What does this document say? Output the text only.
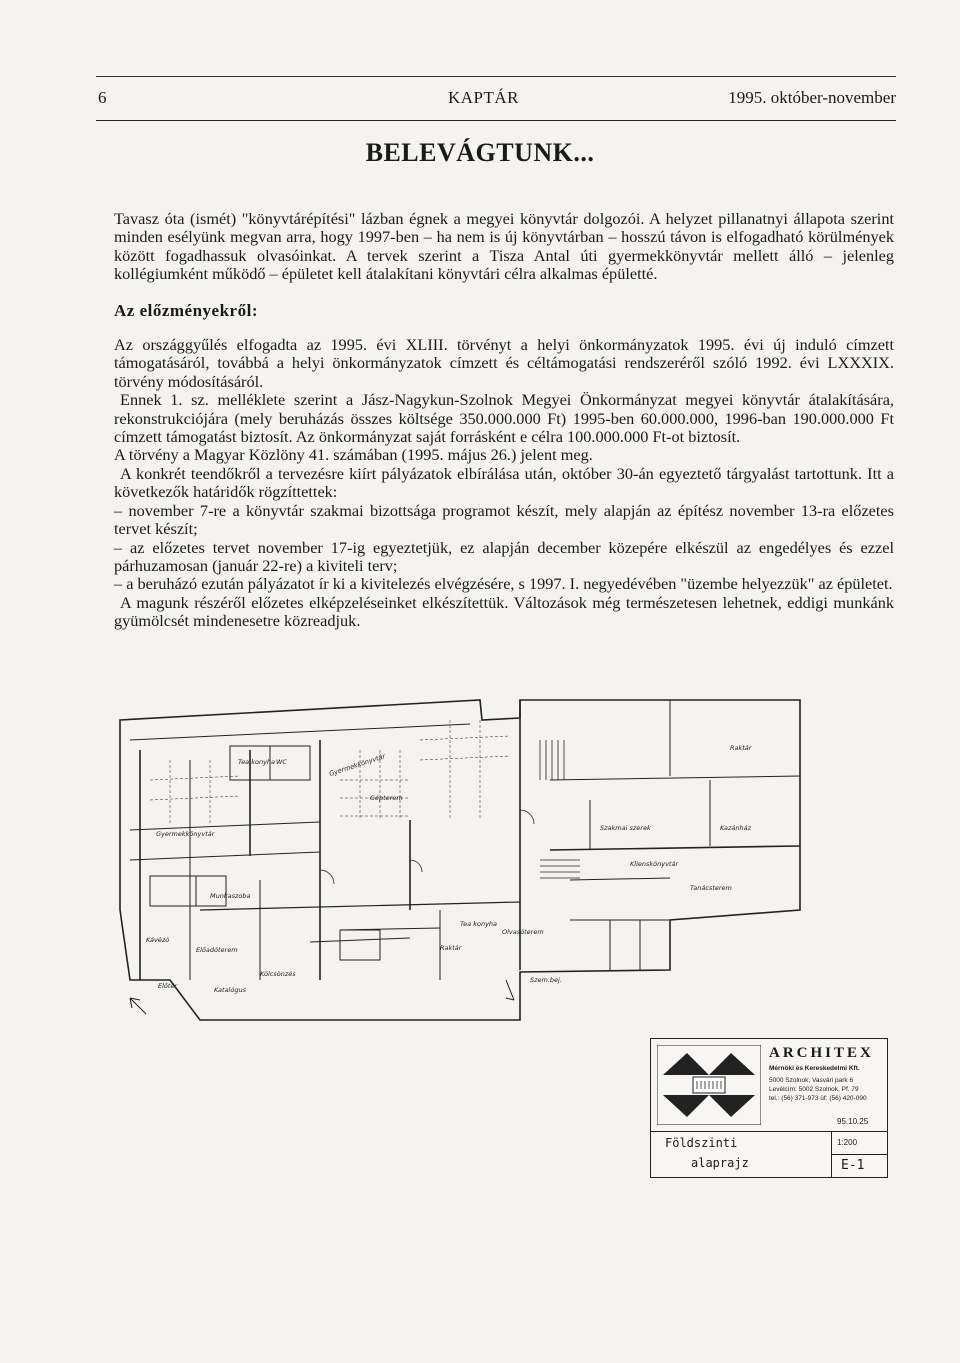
6	KAPTÁR	1995. október-november
BELEVÁGTUNK...

Tavasz óta (ismét) "könyvtárépítési" lázban égnek a megyei könyvtár dolgozói. A helyzet pillanatnyi állapota szerint minden esélyünk megvan arra, hogy 1997-ben – ha nem is új könyvtárban – hosszú távon is elfogadható körülmények között fogadhassuk olvasóinkat. A tervek szerint a Tisza Antal úti gyermekkönyvtár mellett álló – jelenleg kollégiumként működő – épületet kell átalakítani könyvtári célra alkalmas épületté.

Az előzményekről:

Az országgyűlés elfogadta az 1995. évi XLIII. törvényt a helyi önkormányzatok 1995. évi új induló címzett támogatásáról, továbbá a helyi önkormányzatok címzett és céltámogatási rendszeréről szóló 1992. évi LXXXIX. törvény módosításáról.

Ennek 1. sz. melléklete szerint a Jász-Nagykun-Szolnok Megyei Önkormányzat megyei könyvtár átalakítására, rekonstrukciójára (mely beruházás összes költsége 350.000.000 Ft) 1995-ben 60.000.000, 1996-ban 190.000.000 Ft címzett támogatást biztosít. Az önkormányzat saját forrásként e célra 100.000.000 Ft-ot biztosít.

A törvény a Magyar Közlöny 41. számában (1995. május 26.) jelent meg.

A konkrét teendőkről a tervezésre kiírt pályázatok elbírálása után, október 30-án egyeztető tárgyalást tartottunk. Itt a következők határidők rögzíttettek:

– november 7-re a könyvtár szakmai bizottsága programot készít, mely alapján az építész november 13-ra előzetes tervet készít;

– az előzetes tervet november 17-ig egyeztetjük, ez alapján december közepére elkészül az engedélyes és ezzel párhuzamosan (január 22-re) a kiviteli terv;

– a beruházó ezután pályázatot ír ki a kivitelezés elvégzésére, s 1997. I. negyedévében "üzembe helyezzük" az épületet.

A magunk részéről előzetes elképzeléseinket elkészítettük. Változások még természetesen lehetnek, eddigi munkánk gyümölcsét mindenesetre közreadjuk.

Tea konyha WC	Gyermekkönyvtár
Gépterem
Raktár
Gyermekkönyvtár
Szakmai szerek	Kazánház
Klienskönyvtár
Tanácsterem
Munkaszoba
Kávézó
Előadóterem
Tea konyha
Olvasóterem
Előtér	Katalógus
Kölcsönzés
Raktár
Szem.bej.
ARCHITEX
Mérnöki és Kereskedelmi Kft.
5000 Szolnok, Vasvári park 6
Levélcím: 5002 Szolnok, Pf. 79
tel.: (56) 371-973 üf: (56) 420-090
Földszinti
alaprajz
1:200
E-1
95.10.25
